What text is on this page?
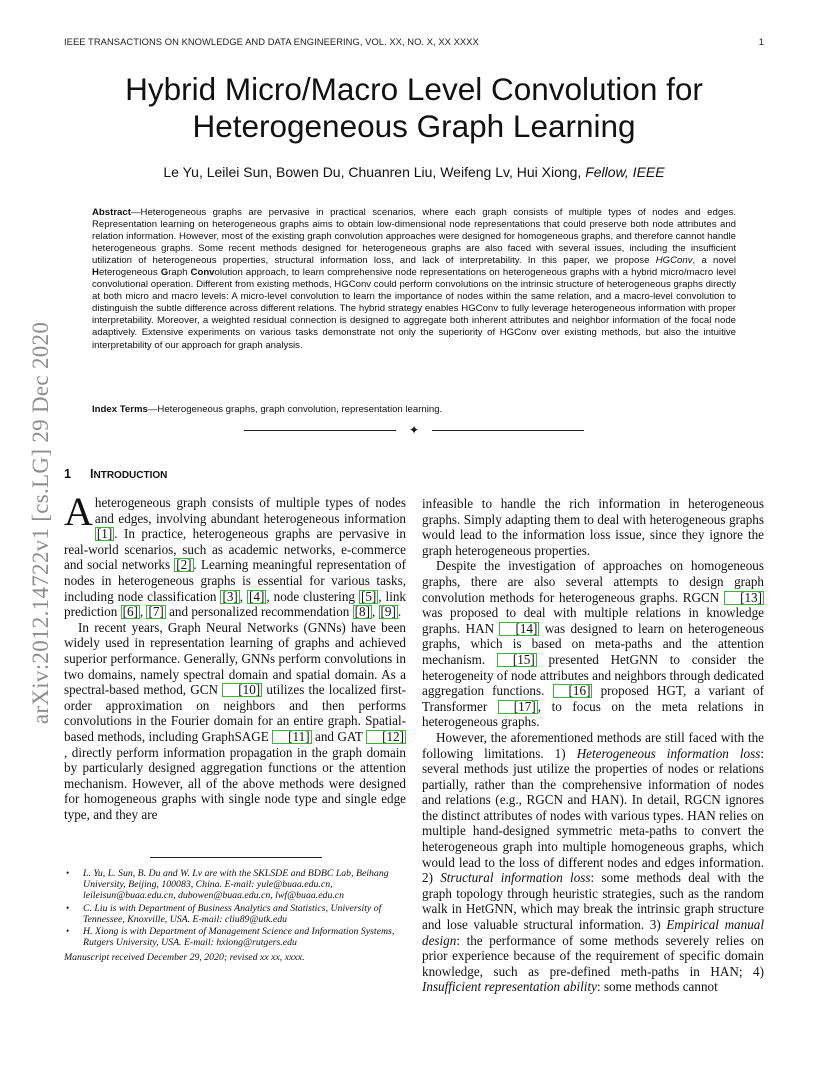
IEEE TRANSACTIONS ON KNOWLEDGE AND DATA ENGINEERING, VOL. XX, NO. X, XX XXXX	1
arXiv:2012.14722v1 [cs.LG] 29 Dec 2020
Hybrid Micro/Macro Level Convolution for Heterogeneous Graph Learning
Le Yu, Leilei Sun, Bowen Du, Chuanren Liu, Weifeng Lv, Hui Xiong, Fellow, IEEE
Abstract—Heterogeneous graphs are pervasive in practical scenarios, where each graph consists of multiple types of nodes and edges. Representation learning on heterogeneous graphs aims to obtain low-dimensional node representations that could preserve both node attributes and relation information. However, most of the existing graph convolution approaches were designed for homogeneous graphs, and therefore cannot handle heterogeneous graphs. Some recent methods designed for heterogeneous graphs are also faced with several issues, including the insufficient utilization of heterogeneous properties, structural information loss, and lack of interpretability. In this paper, we propose HGConv, a novel Heterogeneous Graph Convolution approach, to learn comprehensive node representations on heterogeneous graphs with a hybrid micro/macro level convolutional operation. Different from existing methods, HGConv could perform convolutions on the intrinsic structure of heterogeneous graphs directly at both micro and macro levels: A micro-level convolution to learn the importance of nodes within the same relation, and a macro-level convolution to distinguish the subtle difference across different relations. The hybrid strategy enables HGConv to fully leverage heterogeneous information with proper interpretability. Moreover, a weighted residual connection is designed to aggregate both inherent attributes and neighbor information of the focal node adaptively. Extensive experiments on various tasks demonstrate not only the superiority of HGConv over existing methods, but also the intuitive interpretability of our approach for graph analysis.
Index Terms—Heterogeneous graphs, graph convolution, representation learning.
✦
1 INTRODUCTION

A heterogeneous graph consists of multiple types of nodes and edges, involving abundant heterogeneous information [1] . In practice, heterogeneous graphs are pervasive in real-world scenarios, such as academic networks, e-commerce and social networks [2] . Learning meaningful representation of nodes in heterogeneous graphs is essential for various tasks, including node classification [3] , [4] , node clustering [5] , link prediction [6] , [7] and personalized recommendation [8] , [9] .

In recent years, Graph Neural Networks (GNNs) have been widely used in representation learning of graphs and achieved superior performance. Generally, GNNs perform convolutions in two domains, namely spectral domain and spatial domain. As a spectral-based method, GCN [10] utilizes the localized first-order approximation on neighbors and then performs convolutions in the Fourier domain for an entire graph. Spatial-based methods, including GraphSAGE [11] and GAT [12], directly perform information propagation in the graph domain by particularly designed aggregation functions or the attention mechanism. However, all of the above methods were designed for homogeneous graphs with single node type and single edge type, and they are

• L. Yu, L. Sun, B. Du and W. Lv are with the SKLSDE and BDBC Lab, Beihang University, Beijing, 100083, China. E-mail: yule@buaa.edu.cn, leileisun@buaa.edu.cn, dubowen@buaa.edu.cn, lwf@buaa.edu.cn
• C. Liu is with Department of Business Analytics and Statistics, University of Tennessee, Knoxville, USA. E-mail: cliu89@utk.edu
• H. Xiong is with Department of Management Science and Information Systems, Rutgers University, USA. E-mail: hxiong@rutgers.edu
Manuscript received December 29, 2020; revised xx xx, xxxx.

infeasible to handle the rich information in heterogeneous graphs. Simply adapting them to deal with heterogeneous graphs would lead to the information loss issue, since they ignore the graph heterogeneous properties.

Despite the investigation of approaches on homogeneous graphs, there are also several attempts to design graph convolution methods for heterogeneous graphs. RGCN [13] was proposed to deal with multiple relations in knowledge graphs. HAN [14] was designed to learn on heterogeneous graphs, which is based on meta-paths and the attention mechanism. [15] presented HetGNN to consider the heterogeneity of node attributes and neighbors through dedicated aggregation functions. [16] proposed HGT, a variant of Transformer [17] , to focus on the meta relations in heterogeneous graphs.

However, the aforementioned methods are still faced with the following limitations. 1) Heterogeneous information loss: several methods just utilize the properties of nodes or relations partially, rather than the comprehensive information of nodes and relations (e.g., RGCN and HAN). In detail, RGCN ignores the distinct attributes of nodes with various types. HAN relies on multiple hand-designed symmetric meta-paths to convert the heterogeneous graph into multiple homogeneous graphs, which would lead to the loss of different nodes and edges information. 2) Structural information loss: some methods deal with the graph topology through heuristic strategies, such as the random walk in HetGNN, which may break the intrinsic graph structure and lose valuable structural information. 3) Empirical manual design: the performance of some methods severely relies on prior experience because of the requirement of specific domain knowledge, such as pre-defined meth-paths in HAN; 4) Insufficient representation ability: some methods cannot
